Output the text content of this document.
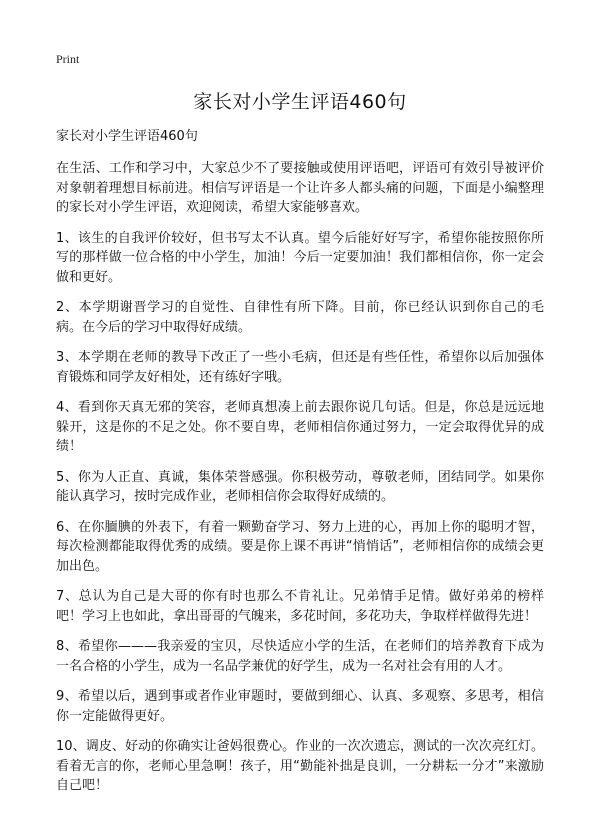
Print
家长对小学生评语460句
家长对小学生评语460句

在生活、工作和学习中，大家总少不了要接触或使用评语吧，评语可有效引导被评价对象朝着理想目标前进。相信写评语是一个让许多人都头痛的问题，下面是小编整理的家长对小学生评语，欢迎阅读，希望大家能够喜欢。

1、该生的自我评价较好，但书写太不认真。望今后能好好写字，希望你能按照你所写的那样做一位合格的中小学生，加油！今后一定要加油！我们都相信你，你一定会做和更好。

2、本学期谢晋学习的自觉性、自律性有所下降。目前，你已经认识到你自己的毛病。在今后的学习中取得好成绩。

3、本学期在老师的教导下改正了一些小毛病，但还是有些任性，希望你以后加强体育锻炼和同学友好相处，还有练好字哦。

4、看到你天真无邪的笑容，老师真想凑上前去跟你说几句话。但是，你总是远远地躲开，这是你的不足之处。你不要自卑，老师相信你通过努力，一定会取得优异的成绩！

5、你为人正直、真诚，集体荣誉感强。你积极劳动，尊敬老师，团结同学。如果你能认真学习，按时完成作业，老师相信你会取得好成绩的。

6、在你腼腆的外表下，有着一颗勤奋学习、努力上进的心，再加上你的聪明才智，每次检测都能取得优秀的成绩。要是你上课不再讲“悄悄话”，老师相信你的成绩会更加出色。

7、总认为自己是大哥的你有时也那么不肯礼让。兄弟情手足情。做好弟弟的榜样吧！学习上也如此，拿出哥哥的气魄来，多花时间，多花功夫，争取样样做得先进！

8、希望你———我亲爱的宝贝，尽快适应小学的生活，在老师们的培养教育下成为一名合格的小学生，成为一名品学兼优的好学生，成为一名对社会有用的人才。

9、希望以后，遇到事或者作业审题时，要做到细心、认真、多观察、多思考，相信你一定能做得更好。

10、调皮、好动的你确实让爸妈很费心。作业的一次次遗忘，测试的一次次亮红灯。看着无言的你，老师心里急啊！孩子，用“勤能补拙是良训，一分耕耘一分才”来激励自己吧！
